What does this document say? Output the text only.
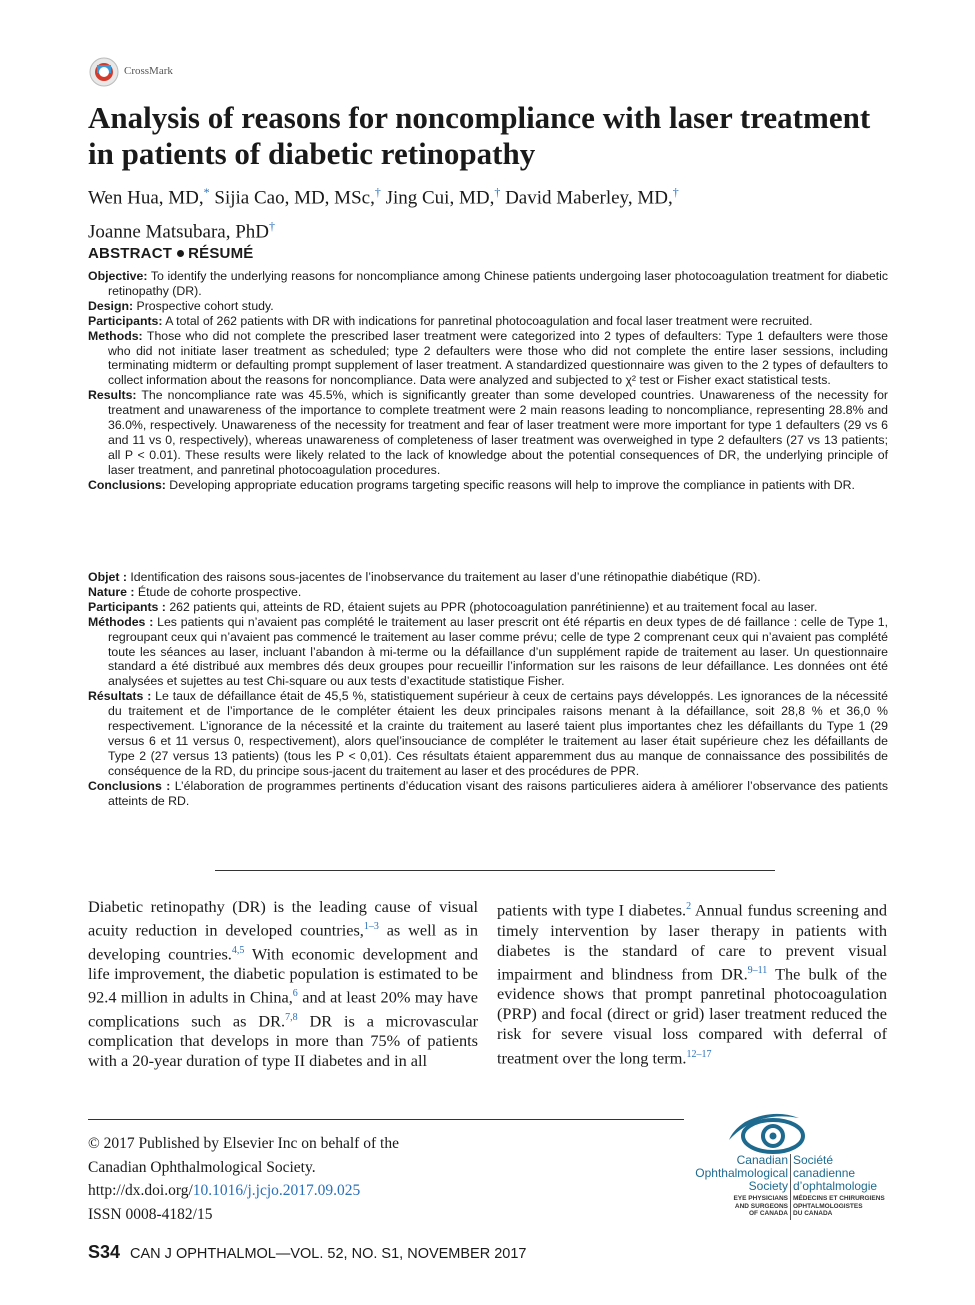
CrossMark
Analysis of reasons for noncompliance with laser treatment in patients of diabetic retinopathy
Wen Hua, MD,* Sijia Cao, MD, MSc,† Jing Cui, MD,† David Maberley, MD,†
Joanne Matsubara, PhD†
ABSTRACT RÉSUMÉ

Objective: To identify the underlying reasons for noncompliance among Chinese patients undergoing laser photocoagulation treatment for diabetic retinopathy (DR).

Design: Prospective cohort study.

Participants: A total of 262 patients with DR with indications for panretinal photocoagulation and focal laser treatment were recruited.

Methods: Those who did not complete the prescribed laser treatment were categorized into 2 types of defaulters: Type 1 defaulters were those who did not initiate laser treatment as scheduled; type 2 defaulters were those who did not complete the entire laser sessions, including terminating midterm or defaulting prompt supplement of laser treatment. A standardized questionnaire was given to the 2 types of defaulters to collect information about the reasons for noncompliance. Data were analyzed and subjected to χ² test or Fisher exact statistical tests.

Results: The noncompliance rate was 45.5%, which is significantly greater than some developed countries. Unawareness of the necessity for treatment and unawareness of the importance to complete treatment were 2 main reasons leading to noncompliance, representing 28.8% and 36.0%, respectively. Unawareness of the necessity for treatment and fear of laser treatment were more important for type 1 defaulters (29 vs 6 and 11 vs 0, respectively), whereas unawareness of completeness of laser treatment was overweighed in type 2 defaulters (27 vs 13 patients; all P < 0.01). These results were likely related to the lack of knowledge about the potential consequences of DR, the underlying principle of laser treatment, and panretinal photocoagulation procedures.

Conclusions: Developing appropriate education programs targeting specific reasons will help to improve the compliance in patients with DR.

Objet : Identification des raisons sous-jacentes de l’inobservance du traitement au laser d’une rétinopathie diabétique (RD).

Nature : Étude de cohorte prospective.

Participants : 262 patients qui, atteints de RD, étaient sujets au PPR (photocoagulation panrétinienne) et au traitement focal au laser.

Méthodes : Les patients qui n’avaient pas complété le traitement au laser prescrit ont été répartis en deux types de dé faillance : celle de Type 1, regroupant ceux qui n’avaient pas commencé le traitement au laser comme prévu; celle de type 2 comprenant ceux qui n’avaient pas complété toute les séances au laser, incluant l’abandon à mi-terme ou la défaillance d’un supplément rapide de traitement au laser. Un questionnaire standard a été distribué aux membres dés deux groupes pour recueillir l’information sur les raisons de leur défaillance. Les données ont été analysées et sujettes au test Chi-square ou aux tests d’exactitude statistique Fisher.

Résultats : Le taux de défaillance était de 45,5 %, statistiquement supérieur à ceux de certains pays développés. Les ignorances de la nécessité du traitement et de l’importance de le compléter étaient les deux principales raisons menant à la défaillance, soit 28,8 % et 36,0 % respectivement. L’ignorance de la nécessité et la crainte du traitement au laseré taient plus importantes chez les défaillants du Type 1 (29 versus 6 et 11 versus 0, respectivement), alors quel’insouciance de compléter le traitement au laser était supérieure chez les défaillants de Type 2 (27 versus 13 patients) (tous les P < 0,01). Ces résultats étaient apparemment dus au manque de connaissance des possibilités de conséquence de la RD, du principe sous-jacent du traitement au laser et des procédures de PPR.

Conclusions : L’élaboration de programmes pertinents d’éducation visant des raisons particulieres aidera à améliorer l’observance des patients atteints de RD.

Diabetic retinopathy (DR) is the leading cause of visual acuity reduction in developed countries,$^{1-3}$ as well as in developing countries.$^{4,5}$ With economic development and life improvement, the diabetic population is estimated to be 92.4 million in adults in China,$^6$ and at least 20% may have complications such as DR.$^{7,8}$ DR is a microvascular complication that develops in more than 75% of patients with a 20-year duration of type II diabetes and in all

patients with type I diabetes.$^2$ Annual fundus screening and timely intervention by laser therapy in patients with diabetes is the standard of care to prevent visual impairment and blindness from DR.$^{9-11}$ The bulk of the evidence shows that prompt panretinal photocoagulation (PRP) and focal (direct or grid) laser treatment reduced the risk for severe visual loss compared with deferral of treatment over the long term.$^{12-17}$

© 2017 Published by Elsevier Inc on behalf of the
Canadian Ophthalmological Society.
http://dx.doi.org/10.1016/j.jcjo.2017.09.025
ISSN 0008-4182/15
Canadian
Ophthalmological
Society
Société
canadienne
d’ophtalmologie
EYE PHYSICIANS
AND SURGEONS
OF CANADA
MÉDECINS ET CHIRURGIENS
OPHTALMOLOGISTES
DU CANADA
S34 CAN J OPHTHALMOL—VOL. 52, NO. S1, NOVEMBER 2017
